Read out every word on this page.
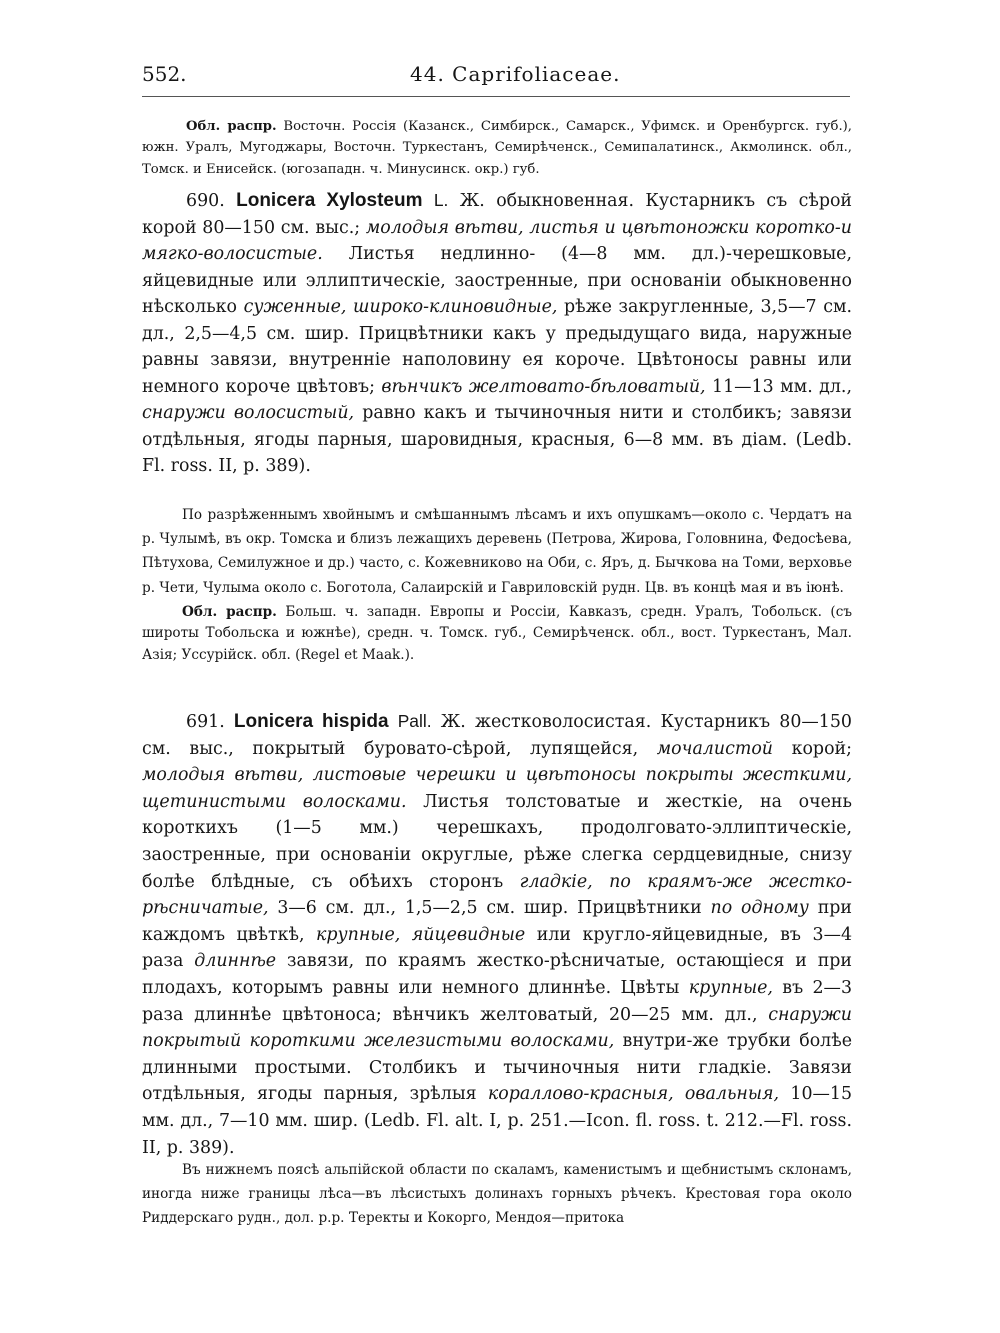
552.	44. Caprifoliaceae.

Обл. распр. Восточн. Россія (Казанск., Симбирск., Самарск., Уфимск. и Оренбургск. губ.), южн. Уралъ, Мугоджары, Восточн. Туркестанъ, Семирѣченск., Семипалатинск., Акмолинск. обл., Томск. и Енисейск. (югозападн. ч. Минусинск. окр.) губ.

690. Lonicera Xylosteum L. Ж. обыкновенная. Кустарникъ съ сѣрой корой 80—150 см. выс.; молодыя вѣтви, листья и цвѣтоножки коротко-и мягко-волосистые. Листья недлинно- (4—8 мм. дл.)-черешковые, яйцевидные или эллиптическіе, заостренные, при основаніи обыкновенно нѣсколько суженные, широко-клиновидные, рѣже закругленные, 3,5—7 см. дл., 2,5—4,5 см. шир. Прицвѣтники какъ у предыдущаго вида, наружные равны завязи, внутренніе наполовину ея короче. Цвѣтоносы равны или немного короче цвѣтовъ; вѣнчикъ желтовато-бѣловатый, 11—13 мм. дл., снаружи волосистый, равно какъ и тычиночныя нити и столбикъ; завязи отдѣльныя, ягоды парныя, шаровидныя, красныя, 6—8 мм. въ діам. (Ledb. Fl. ross. II, p. 389).

По разрѣженнымъ хвойнымъ и смѣшаннымъ лѣсамъ и ихъ опушкамъ—около с. Чердатъ на р. Чулымѣ, въ окр. Томска и близъ лежащихъ деревень (Петрова, Жирова, Головнина, Федосѣева, Пѣтухова, Семилужное и др.) часто, с. Кожевниково на Оби, с. Яръ, д. Бычкова на Томи, верховье р. Чети, Чулыма около с. Боготола, Салаирскій и Гавриловскій рудн. Цв. въ концѣ мая и въ іюнѣ.

Обл. распр. Больш. ч. западн. Европы и Россіи, Кавказъ, средн. Уралъ, Тобольск. (съ широты Тобольска и южнѣе), средн. ч. Томск. губ., Семирѣченск. обл., вост. Туркестанъ, Мал. Азія; Уссурійск. обл. (Regel et Maak.).

691. Lonicera hispida Pall. Ж. жестковолосистая. Кустарникъ 80—150 см. выс., покрытый буровато-сѣрой, лупящейся, мочалистой корой; молодыя вѣтви, листовые черешки и цвѣтоносы покрыты жесткими, щетинистыми волосками. Листья толстоватые и жесткіе, на очень короткихъ (1—5 мм.) черешкахъ, продолговато-эллиптическіе, заостренные, при основаніи округлые, рѣже слегка сердцевидные, снизу болѣе блѣдные, съ обѣихъ сторонъ гладкіе, по краямъ-же жестко-рѣсничатые, 3—6 см. дл., 1,5—2,5 см. шир. Прицвѣтники по одному при каждомъ цвѣткѣ, крупные, яйцевидные или кругло-яйцевидные, въ 3—4 раза длиннѣе завязи, по краямъ жестко-рѣсничатые, остающіеся и при плодахъ, которымъ равны или немного длиннѣе. Цвѣты крупные, въ 2—3 раза длиннѣе цвѣтоноса; вѣнчикъ желтоватый, 20—25 мм. дл., снаружи покрытый короткими железистыми волосками, внутри-же трубки болѣе длинными простыми. Столбикъ и тычиночныя нити гладкіе. Завязи отдѣльныя, ягоды парныя, зрѣлыя кораллово-красныя, овальныя, 10—15 мм. дл., 7—10 мм. шир. (Ledb. Fl. alt. I, p. 251.—Icon. fl. ross. t. 212.—Fl. ross. II, p. 389).

Въ нижнемъ поясѣ альпійской области по скаламъ, каменистымъ и щебнистымъ склонамъ, иногда ниже границы лѣса—въ лѣсистыхъ долинахъ горныхъ рѣчекъ. Крестовая гора около Риддерскаго рудн., дол. р.р. Теректы и Кокорго, Мендоя—притока
